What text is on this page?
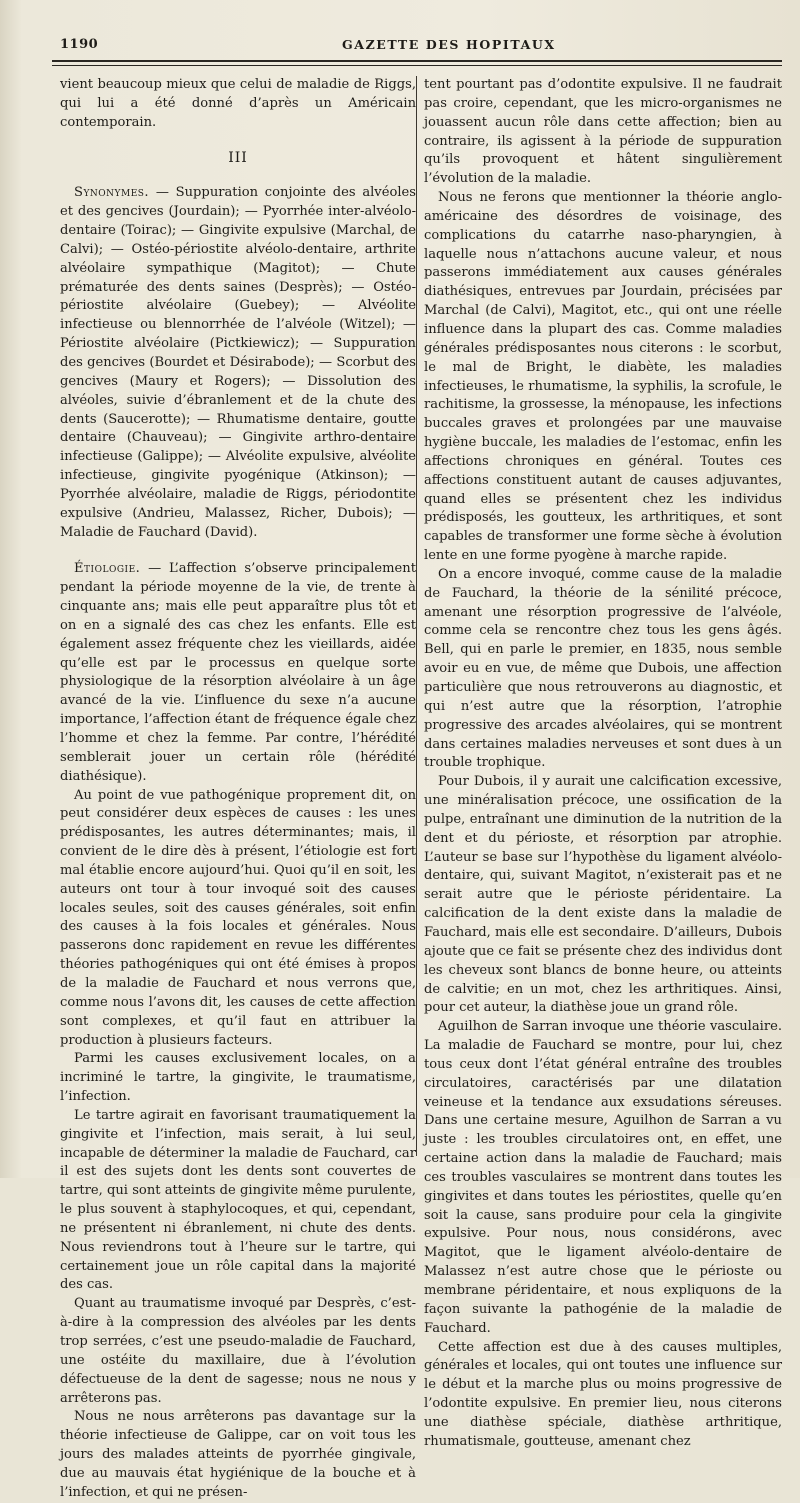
1190	GAZETTE DES HOPITAUX

vient beaucoup mieux que celui de maladie de Riggs, qui lui a été donné d’après un Américain contemporain.

III

Synonymes. — Suppuration conjointe des alvéoles et des gencives (Jourdain); — Pyorrhée inter-alvéolo-dentaire (Toirac); — Gingivite expulsive (Marchal, de Calvi); — Ostéo-périostite alvéolo-dentaire, arthrite alvéolaire sympathique (Magitot); — Chute prématurée des dents saines (Desprès); — Ostéo-périostite alvéolaire (Guebey); — Alvéolite infectieuse ou blennorrhée de l’alvéole (Witzel); — Périostite alvéolaire (Pictkiewicz); — Suppuration des gencives (Bourdet et Désirabode); — Scorbut des gencives (Maury et Rogers); — Dissolution des alvéoles, suivie d’ébranlement et de la chute des dents (Saucerotte); — Rhumatisme dentaire, goutte dentaire (Chauveau); — Gingivite arthro-dentaire infectieuse (Galippe); — Alvéolite expulsive, alvéolite infectieuse, gingivite pyogénique (Atkinson); — Pyorrhée alvéolaire, maladie de Riggs, périodontite expulsive (Andrieu, Malassez, Richer, Dubois); — Maladie de Fauchard (David).

Étiologie. — L’affection s’observe principalement pendant la période moyenne de la vie, de trente à cinquante ans; mais elle peut apparaître plus tôt et on en a signalé des cas chez les enfants. Elle est également assez fréquente chez les vieillards, aidée qu’elle est par le processus en quelque sorte physiologique de la résorption alvéolaire à un âge avancé de la vie. L’influence du sexe n’a aucune importance, l’affection étant de fréquence égale chez l’homme et chez la femme. Par contre, l’hérédité semblerait jouer un certain rôle (hérédité diathésique).

Au point de vue pathogénique proprement dit, on peut considérer deux espèces de causes : les unes prédisposantes, les autres déterminantes; mais, il convient de le dire dès à présent, l’étiologie est fort mal établie encore aujourd’hui. Quoi qu’il en soit, les auteurs ont tour à tour invoqué soit des causes locales seules, soit des causes générales, soit enfin des causes à la fois locales et générales. Nous passerons donc rapidement en revue les différentes théories pathogéniques qui ont été émises à propos de la maladie de Fauchard et nous verrons que, comme nous l’avons dit, les causes de cette affection sont complexes, et qu’il faut en attribuer la production à plusieurs facteurs.

Parmi les causes exclusivement locales, on a incriminé le tartre, la gingivite, le traumatisme, l’infection.

Le tartre agirait en favorisant traumatiquement la gingivite et l’infection, mais serait, à lui seul, incapable de déterminer la maladie de Fauchard, car il est des sujets dont les dents sont couvertes de tartre, qui sont atteints de gingivite même purulente, le plus souvent à staphylocoques, et qui, cependant, ne présentent ni ébranlement, ni chute des dents. Nous reviendrons tout à l’heure sur le tartre, qui certainement joue un rôle capital dans la majorité des cas.

Quant au traumatisme invoqué par Desprès, c’est-à-dire à la compression des alvéoles par les dents trop serrées, c’est une pseudo-maladie de Fauchard, une ostéite du maxillaire, due à l’évolution défectueuse de la dent de sagesse; nous ne nous y arrêterons pas.

Nous ne nous arrêterons pas davantage sur la théorie infectieuse de Galippe, car on voit tous les jours des malades atteints de pyorrhée gingivale, due au mauvais état hygiénique de la bouche et à l’infection, et qui ne présen-

tent pourtant pas d’odontite expulsive. Il ne faudrait pas croire, cependant, que les micro-organismes ne jouassent aucun rôle dans cette affection; bien au contraire, ils agissent à la période de suppuration qu’ils provoquent et hâtent singulièrement l’évolution de la maladie.

Nous ne ferons que mentionner la théorie anglo-américaine des désordres de voisinage, des complications du catarrhe naso-pharyngien, à laquelle nous n’attachons aucune valeur, et nous passerons immédiatement aux causes générales diathésiques, entrevues par Jourdain, précisées par Marchal (de Calvi), Magitot, etc., qui ont une réelle influence dans la plupart des cas. Comme maladies générales prédisposantes nous citerons : le scorbut, le mal de Bright, le diabète, les maladies infectieuses, le rhumatisme, la syphilis, la scrofule, le rachitisme, la grossesse, la ménopause, les infections buccales graves et prolongées par une mauvaise hygiène buccale, les maladies de l’estomac, enfin les affections chroniques en général. Toutes ces affections constituent autant de causes adjuvantes, quand elles se présentent chez les individus prédisposés, les goutteux, les arthritiques, et sont capables de transformer une forme sèche à évolution lente en une forme pyogène à marche rapide.

On a encore invoqué, comme cause de la maladie de Fauchard, la théorie de la sénilité précoce, amenant une résorption progressive de l’alvéole, comme cela se rencontre chez tous les gens âgés. Bell, qui en parle le premier, en 1835, nous semble avoir eu en vue, de même que Dubois, une affection particulière que nous retrouverons au diagnostic, et qui n’est autre que la résorption, l’atrophie progressive des arcades alvéolaires, qui se montrent dans certaines maladies nerveuses et sont dues à un trouble trophique.

Pour Dubois, il y aurait une calcification excessive, une minéralisation précoce, une ossification de la pulpe, entraînant une diminution de la nutrition de la dent et du périoste, et résorption par atrophie. L’auteur se base sur l’hypothèse du ligament alvéolo-dentaire, qui, suivant Magitot, n’existerait pas et ne serait autre que le périoste péridentaire. La calcification de la dent existe dans la maladie de Fauchard, mais elle est secondaire. D’ailleurs, Dubois ajoute que ce fait se présente chez des individus dont les cheveux sont blancs de bonne heure, ou atteints de calvitie; en un mot, chez les arthritiques. Ainsi, pour cet auteur, la diathèse joue un grand rôle.

Aguilhon de Sarran invoque une théorie vasculaire. La maladie de Fauchard se montre, pour lui, chez tous ceux dont l’état général entraîne des troubles circulatoires, caractérisés par une dilatation veineuse et la tendance aux exsudations séreuses. Dans une certaine mesure, Aguilhon de Sarran a vu juste : les troubles circulatoires ont, en effet, une certaine action dans la maladie de Fauchard; mais ces troubles vasculaires se montrent dans toutes les gingivites et dans toutes les périostites, quelle qu’en soit la cause, sans produire pour cela la gingivite expulsive. Pour nous, nous considérons, avec Magitot, que le ligament alvéolo-dentaire de Malassez n’est autre chose que le périoste ou membrane péridentaire, et nous expliquons de la façon suivante la pathogénie de la maladie de Fauchard.

Cette affection est due à des causes multiples, générales et locales, qui ont toutes une influence sur le début et la marche plus ou moins progressive de l’odontite expulsive. En premier lieu, nous citerons une diathèse spéciale, diathèse arthritique, rhumatismale, goutteuse, amenant chez
